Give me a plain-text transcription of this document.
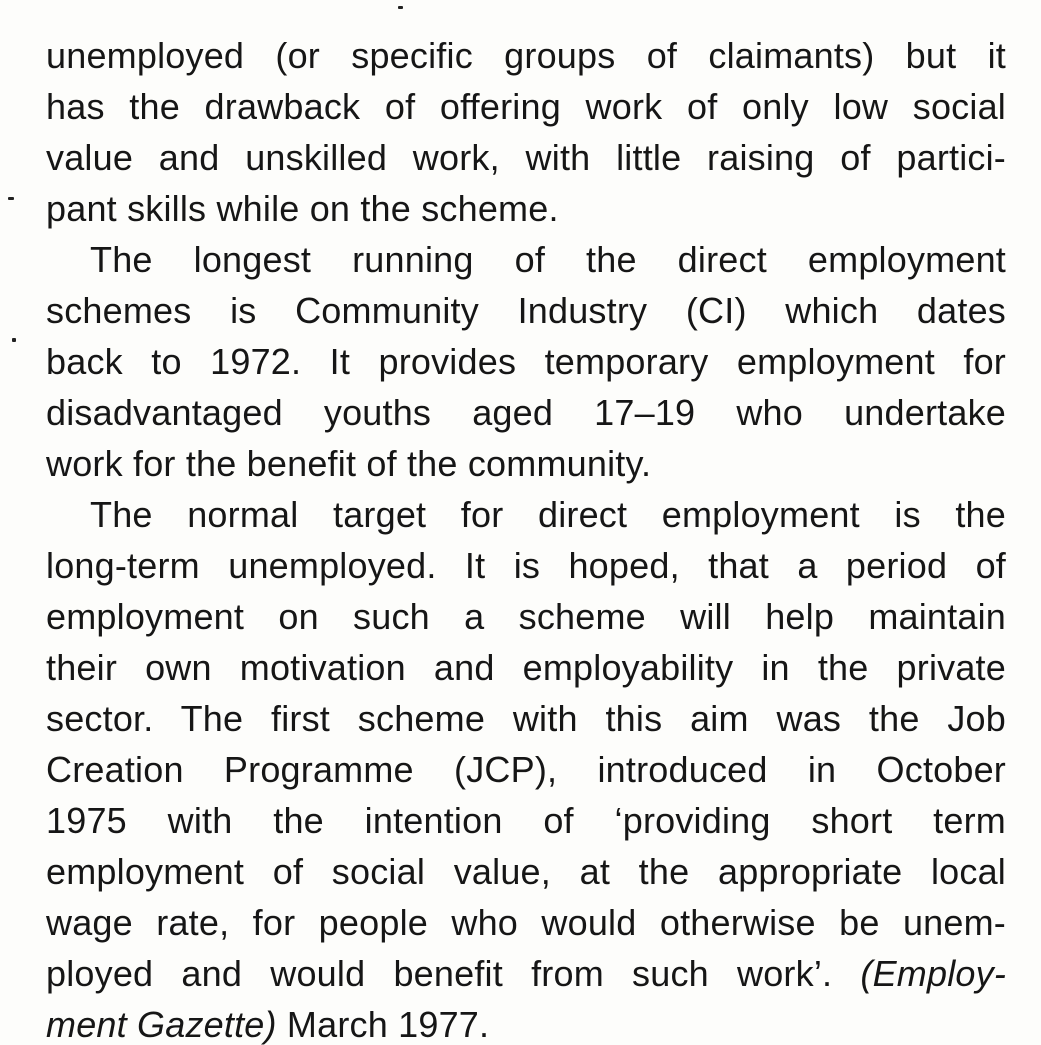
unemployed (or specific groups of claimants) but it
has the drawback of offering work of only low social
value and unskilled work, with little raising of partici-
pant skills while on the scheme.
The longest running of the direct employment
schemes is Community Industry (CI) which dates
back to 1972. It provides temporary employment for
disadvantaged youths aged 17–19 who undertake
work for the benefit of the community.
The normal target for direct employment is the
long-term unemployed. It is hoped, that a period of
employment on such a scheme will help maintain
their own motivation and employability in the private
sector. The first scheme with this aim was the Job
Creation Programme (JCP), introduced in October
1975 with the intention of ‘providing short term
employment of social value, at the appropriate local
wage rate, for people who would otherwise be unem-
ployed and would benefit from such work’. (Employ-
ment Gazette) March 1977.
